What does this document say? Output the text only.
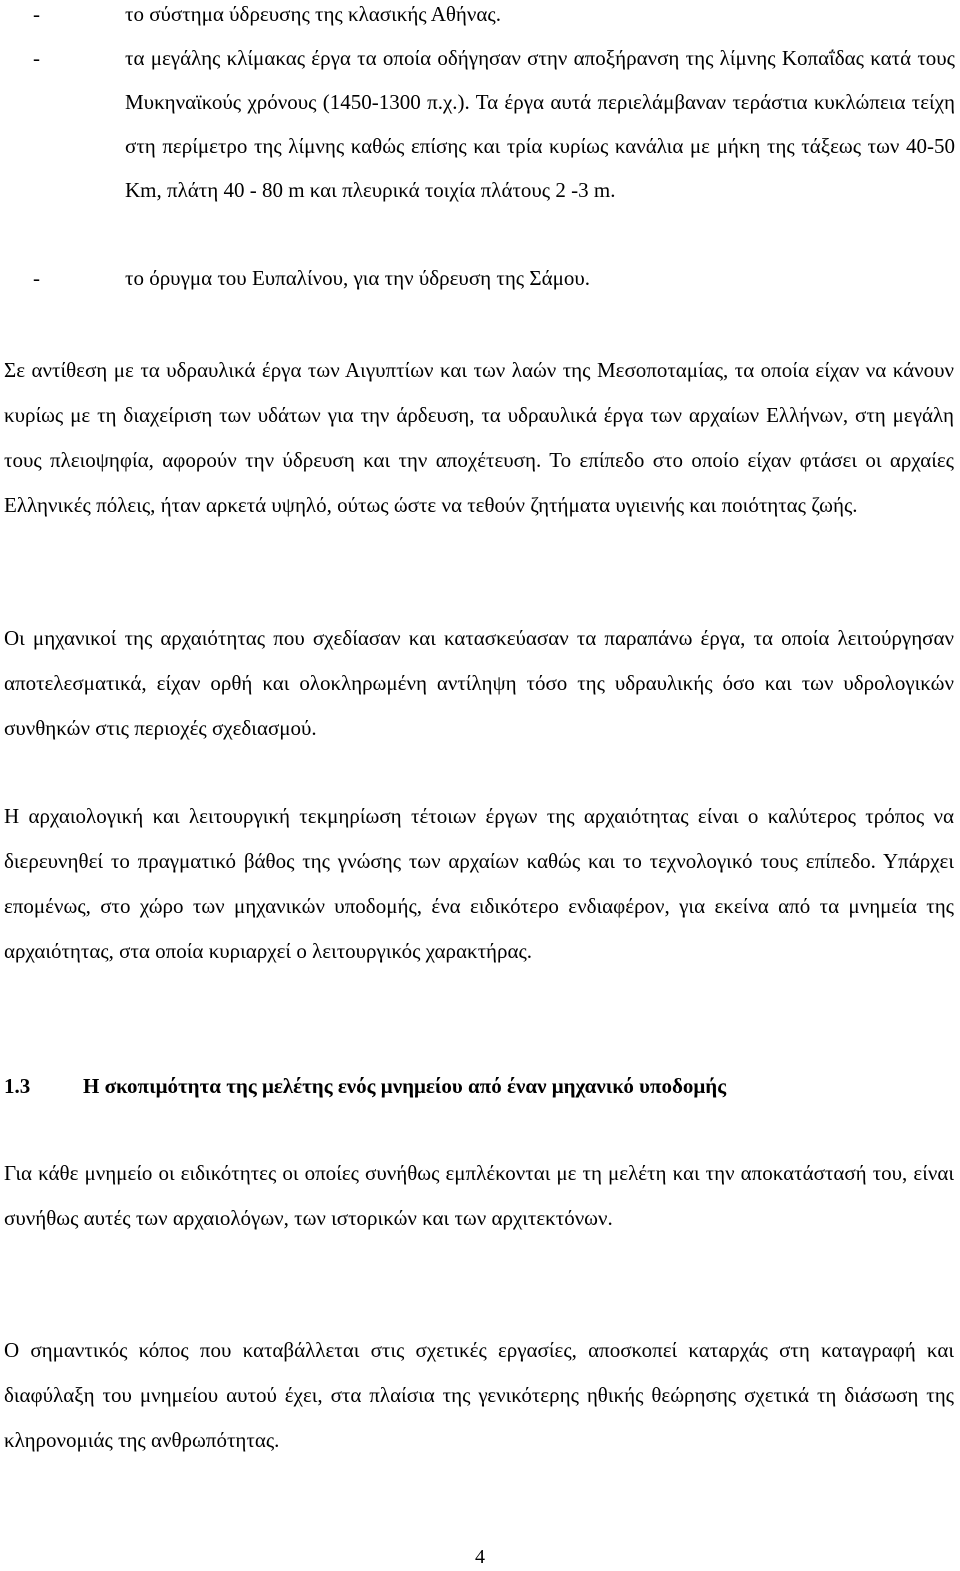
-	το σύστημα ύδρευσης της κλασικής Αθήνας.
-	τα μεγάλης κλίμακας έργα τα οποία οδήγησαν στην αποξήρανση της λίμνης Κοπαΐδας κατά τους Μυκηναϊκούς χρόνους (1450-1300 π.χ.). Τα έργα αυτά περιελάμβαναν τεράστια κυκλώπεια τείχη στη περίμετρο της λίμνης καθώς επίσης και τρία κυρίως κανάλια με μήκη της τάξεως των 40-50 Km, πλάτη 40 - 80 m και πλευρικά τοιχία πλάτους 2 -3 m.
-	το όρυγμα του Ευπαλίνου, για την ύδρευση της Σάμου.

Σε αντίθεση με τα υδραυλικά έργα των Αιγυπτίων και των λαών της Μεσοποταμίας, τα οποία είχαν να κάνουν κυρίως με τη διαχείριση των υδάτων για την άρδευση, τα υδραυλικά έργα των αρχαίων Ελλήνων, στη μεγάλη τους πλειοψηφία, αφορούν την ύδρευση και την αποχέτευση. Το επίπεδο στο οποίο είχαν φτάσει οι αρχαίες Ελληνικές πόλεις, ήταν αρκετά υψηλό, ούτως ώστε να τεθούν ζητήματα υγιεινής και ποιότητας ζωής.

Οι μηχανικοί της αρχαιότητας που σχεδίασαν και κατασκεύασαν τα παραπάνω έργα, τα οποία λειτούργησαν αποτελεσματικά, είχαν ορθή και ολοκληρωμένη αντίληψη τόσο της υδραυλικής όσο και των υδρολογικών συνθηκών στις περιοχές σχεδιασμού.

Η αρχαιολογική και λειτουργική τεκμηρίωση τέτοιων έργων της αρχαιότητας είναι ο καλύτερος τρόπος να διερευνηθεί το πραγματικό βάθος της γνώσης των αρχαίων καθώς και το τεχνολογικό τους επίπεδο. Υπάρχει επομένως, στο χώρο των μηχανικών υποδομής, ένα ειδικότερο ενδιαφέρον, για εκείνα από τα μνημεία της αρχαιότητας, στα οποία κυριαρχεί ο λειτουργικός χαρακτήρας.

1.3	Η σκοπιμότητα της μελέτης ενός μνημείου από έναν μηχανικό υποδομής

Για κάθε μνημείο οι ειδικότητες οι οποίες συνήθως εμπλέκονται με τη μελέτη και την αποκατάστασή του, είναι συνήθως αυτές των αρχαιολόγων, των ιστορικών και των αρχιτεκτόνων.

Ο σημαντικός κόπος που καταβάλλεται στις σχετικές εργασίες, αποσκοπεί καταρχάς στη καταγραφή και διαφύλαξη του μνημείου αυτού έχει, στα πλαίσια της γενικότερης ηθικής θεώρησης σχετικά τη διάσωση της κληρονομιάς της ανθρωπότητας.

4
